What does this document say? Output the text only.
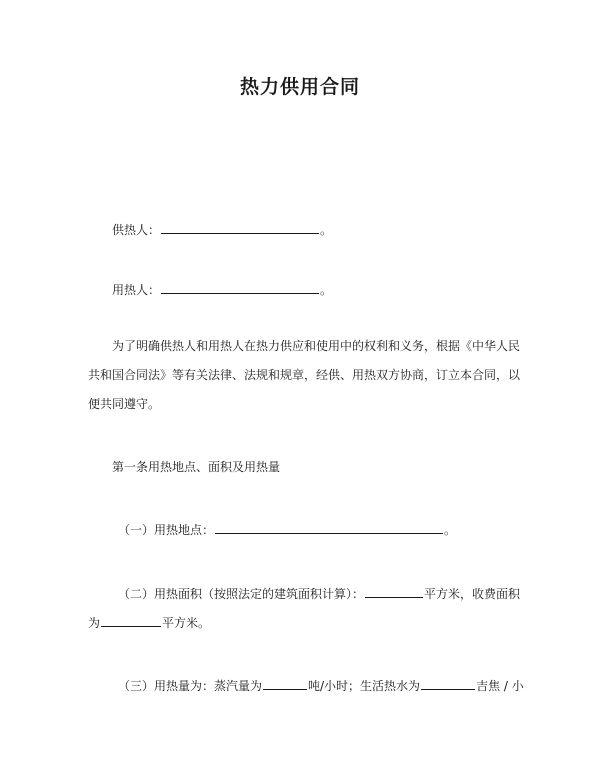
热力供用合同
供热人：	。
用热人：	。
为了明确供热人和用热人在热力供应和使用中的权利和义务，根据《中华人民共和国合同法》等有关法律、法规和规章，经供、用热双方协商，订立本合同，以便共同遵守。
第一条用热地点、面积及用热量
（一）用热地点：	。
（二）用热面积（按照法定的建筑面积计算）：	平方米，收费面积
为	平方米。
（三）用热量为：蒸汽量为	吨/小时；生活热水为	吉焦 / 小
